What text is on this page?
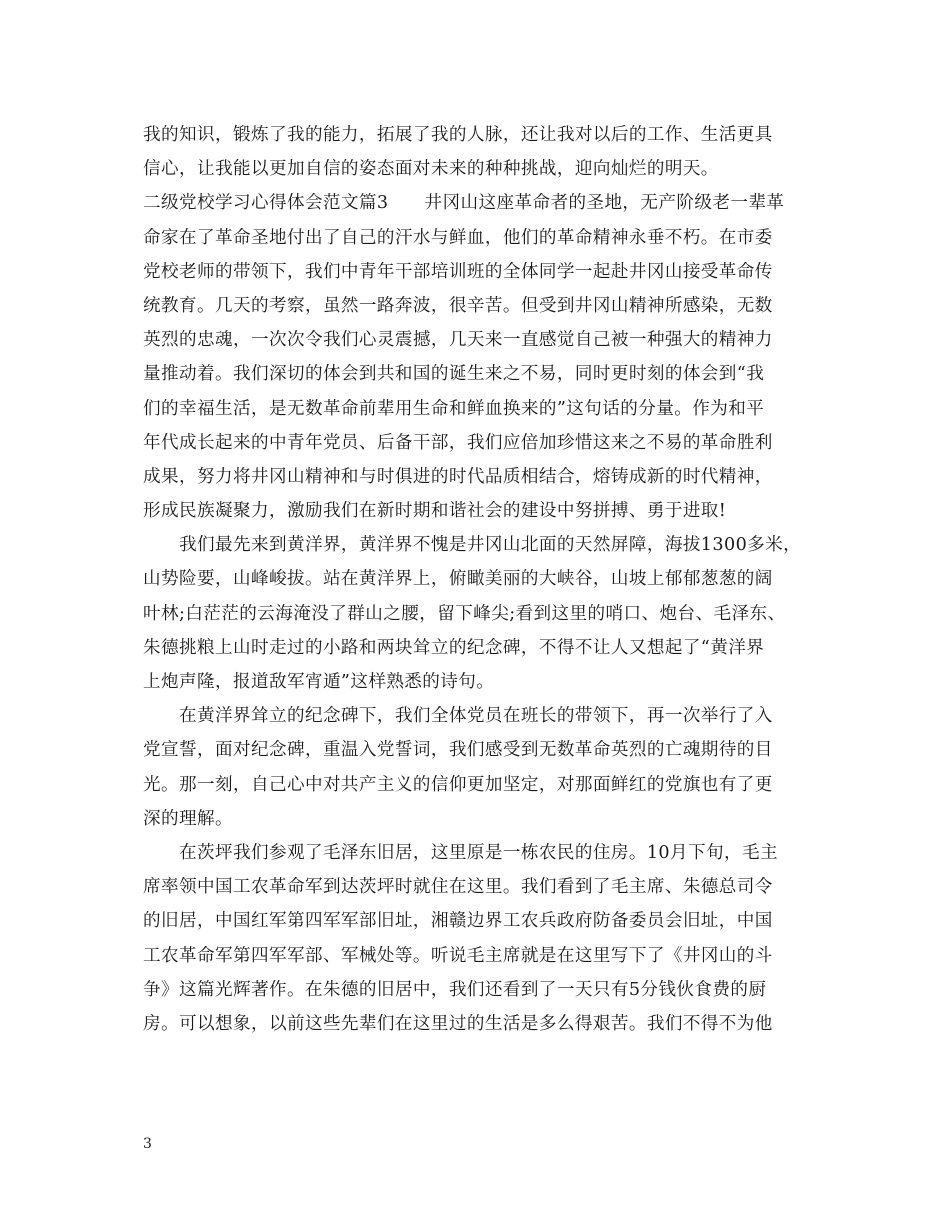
我的知识，锻炼了我的能力，拓展了我的人脉，还让我对以后的工作、生活更具
信心，让我能以更加自信的姿态面对未来的种种挑战，迎向灿烂的明天。
二级党校学习心得体会范文篇3　　井冈山这座革命者的圣地，无产阶级老一辈革
命家在了革命圣地付出了自己的汗水与鲜血，他们的革命精神永垂不朽。在市委
党校老师的带领下，我们中青年干部培训班的全体同学一起赴井冈山接受革命传
统教育。几天的考察，虽然一路奔波，很辛苦。但受到井冈山精神所感染，无数
英烈的忠魂，一次次令我们心灵震撼，几天来一直感觉自己被一种强大的精神力
量推动着。我们深切的体会到共和国的诞生来之不易，同时更时刻的体会到“我
们的幸福生活，是无数革命前辈用生命和鲜血换来的”这句话的分量。作为和平
年代成长起来的中青年党员、后备干部，我们应倍加珍惜这来之不易的革命胜利
成果，努力将井冈山精神和与时俱进的时代品质相结合，熔铸成新的时代精神，
形成民族凝聚力，激励我们在新时期和谐社会的建设中努拼搏、勇于进取!
　　我们最先来到黄洋界，黄洋界不愧是井冈山北面的天然屏障，海拔1300多米，
山势险要，山峰峻拔。站在黄洋界上，俯瞰美丽的大峡谷，山坡上郁郁葱葱的阔
叶林;白茫茫的云海淹没了群山之腰，留下峰尖;看到这里的哨口、炮台、毛泽东、
朱德挑粮上山时走过的小路和两块耸立的纪念碑，不得不让人又想起了“黄洋界
上炮声隆，报道敌军宵遁”这样熟悉的诗句。
　　在黄洋界耸立的纪念碑下，我们全体党员在班长的带领下，再一次举行了入
党宣誓，面对纪念碑，重温入党誓词，我们感受到无数革命英烈的亡魂期待的目
光。那一刻，自己心中对共产主义的信仰更加坚定，对那面鲜红的党旗也有了更
深的理解。
　　在茨坪我们参观了毛泽东旧居，这里原是一栋农民的住房。10月下旬，毛主
席率领中国工农革命军到达茨坪时就住在这里。我们看到了毛主席、朱德总司令
的旧居，中国红军第四军军部旧址，湘赣边界工农兵政府防备委员会旧址，中国
工农革命军第四军军部、军械处等。听说毛主席就是在这里写下了《井冈山的斗
争》这篇光辉著作。在朱德的旧居中，我们还看到了一天只有5分钱伙食费的厨
房。可以想象，以前这些先辈们在这里过的生活是多么得艰苦。我们不得不为他
3
